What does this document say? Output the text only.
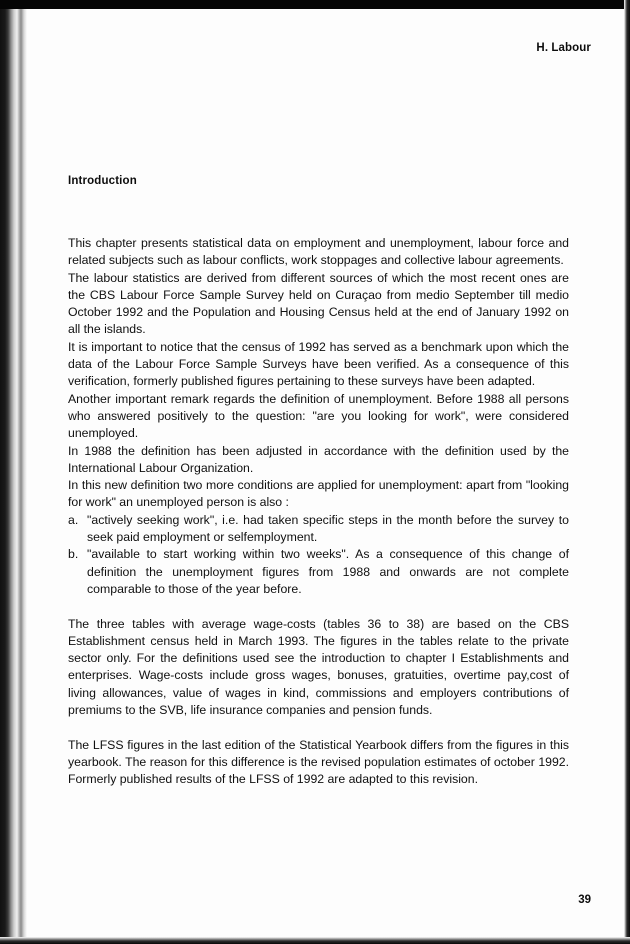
H. Labour
Introduction

This chapter presents statistical data on employment and unemployment, labour force and related subjects such as labour conflicts, work stoppages and collective labour agreements.

The labour statistics are derived from different sources of which the most recent ones are the CBS Labour Force Sample Survey held on Curaçao from medio September till medio October 1992 and the Population and Housing Census held at the end of January 1992 on all the islands.

It is important to notice that the census of 1992 has served as a benchmark upon which the data of the Labour Force Sample Surveys have been verified. As a consequence of this verification, formerly published figures pertaining to these surveys have been adapted.

Another important remark regards the definition of unemployment. Before 1988 all persons who answered positively to the question: "are you looking for work", were considered unemployed.

In 1988 the definition has been adjusted in accordance with the definition used by the International Labour Organization.

In this new definition two more conditions are applied for unemployment: apart from "looking for work" an unemployed person is also :

a. "actively seeking work", i.e. had taken specific steps in the month before the survey to seek paid employment or selfemployment.
b. "available to start working within two weeks". As a consequence of this change of definition the unemployment figures from 1988 and onwards are not complete comparable to those of the year before.

The three tables with average wage-costs (tables 36 to 38) are based on the CBS Establishment census held in March 1993. The figures in the tables relate to the private sector only. For the definitions used see the introduction to chapter I Establishments and enterprises. Wage-costs include gross wages, bonuses, gratuities, overtime pay,cost of living allowances, value of wages in kind, commissions and employers contributions of premiums to the SVB, life insurance companies and pension funds.

The LFSS figures in the last edition of the Statistical Yearbook differs from the figures in this yearbook. The reason for this difference is the revised population estimates of october 1992. Formerly published results of the LFSS of 1992 are adapted to this revision.

39
